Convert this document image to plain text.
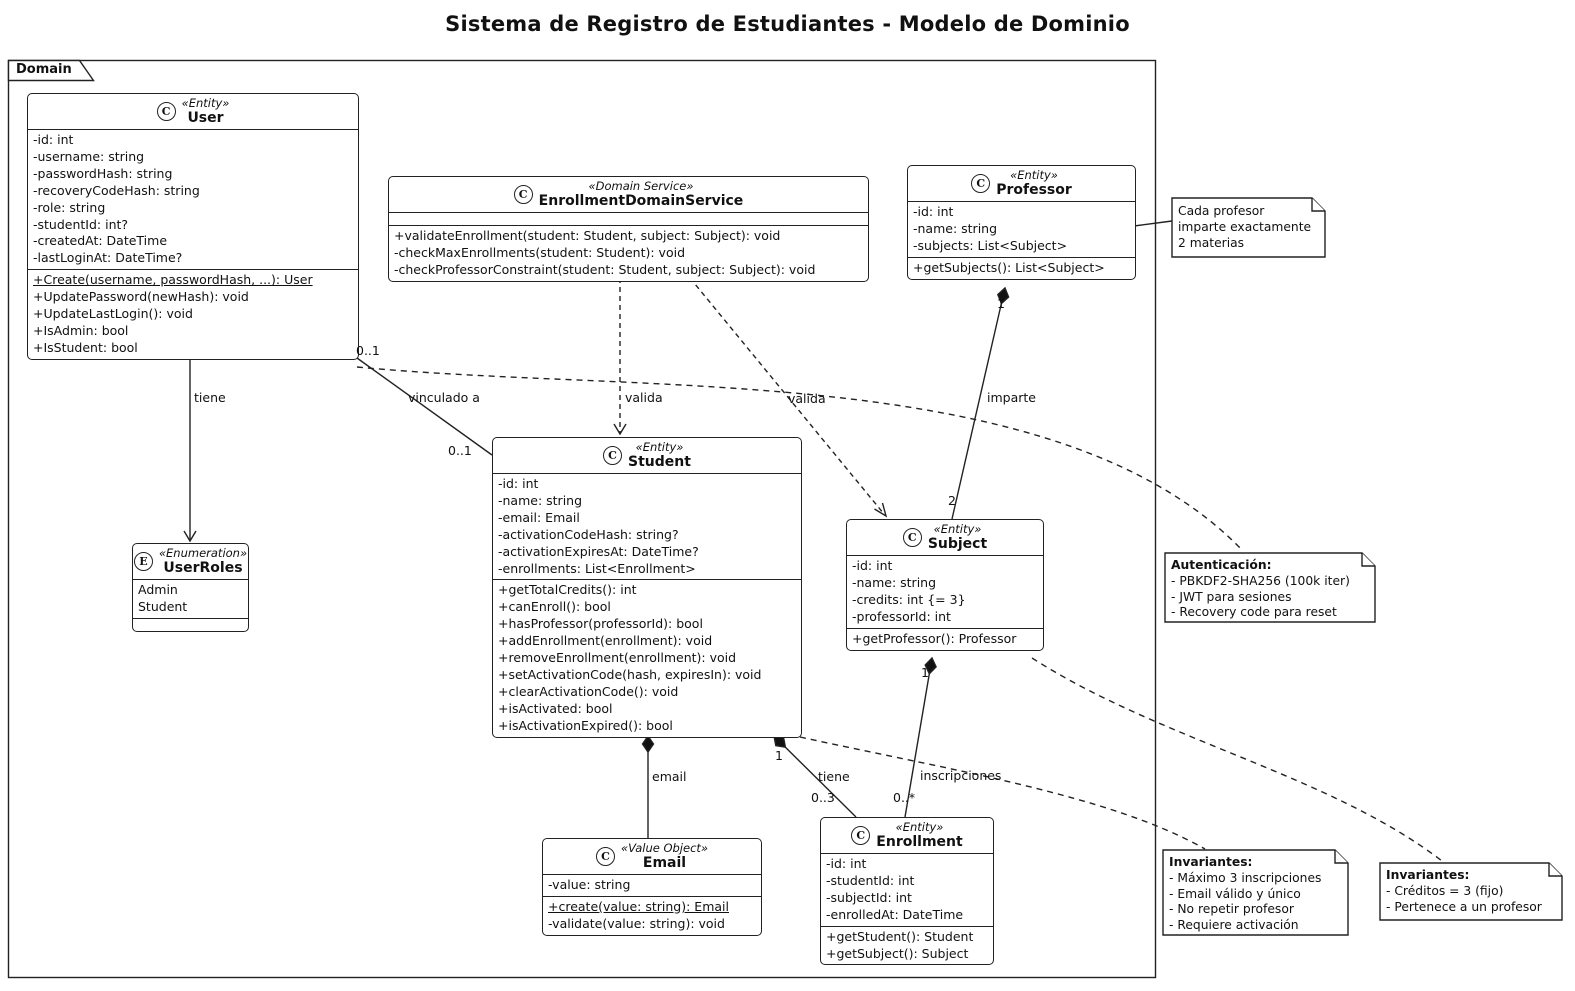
Sistema de Registro de Estudiantes - Modelo de Dominio
Domain
C
«Entity»
User
-id: int
-username: string
-passwordHash: string
-recoveryCodeHash: string
-role: string
-studentId: int?
-createdAt: DateTime
-lastLoginAt: DateTime?
+Create(username, passwordHash, ...): User
+UpdatePassword(newHash): void
+UpdateLastLogin(): void
+IsAdmin: bool
+IsStudent: bool
C
«Domain Service»
EnrollmentDomainService
+validateEnrollment(student: Student, subject: Subject): void
-checkMaxEnrollments(student: Student): void
-checkProfessorConstraint(student: Student, subject: Subject): void
C
«Entity»
Professor
-id: int
-name: string
-subjects: List<Subject>
+getSubjects(): List<Subject>
C
«Entity»
Student
-id: int
-name: string
-email: Email
-activationCodeHash: string?
-activationExpiresAt: DateTime?
-enrollments: List<Enrollment>
+getTotalCredits(): int
+canEnroll(): bool
+hasProfessor(professorId): bool
+addEnrollment(enrollment): void
+removeEnrollment(enrollment): void
+setActivationCode(hash, expiresIn): void
+clearActivationCode(): void
+isActivated: bool
+isActivationExpired(): bool
C
«Entity»
Subject
-id: int
-name: string
-credits: int {= 3}
-professorId: int
+getProfessor(): Professor
E
«Enumeration»
UserRoles
Admin
Student
C
«Value Object»
Email
-value: string
+create(value: string): Email
-validate(value: string): void
C
«Entity»
Enrollment
-id: int
-studentId: int
-subjectId: int
-enrolledAt: DateTime
+getStudent(): Student
+getSubject(): Subject
Cada profesor
imparte exactamente
2 materias
Autenticación:
- PBKDF2-SHA256 (100k iter)
- JWT para sesiones
- Recovery code para reset
Invariantes:
- Máximo 3 inscripciones
- Email válido y único
- No repetir profesor
- Requiere activación
Invariantes:
- Créditos = 3 (fijo)
- Pertenece a un profesor
tiene	vinculado a	valida	valida	imparte
email	tiene	inscripciones
0..1
0..1
1
2
1
0..3
1
0..*
